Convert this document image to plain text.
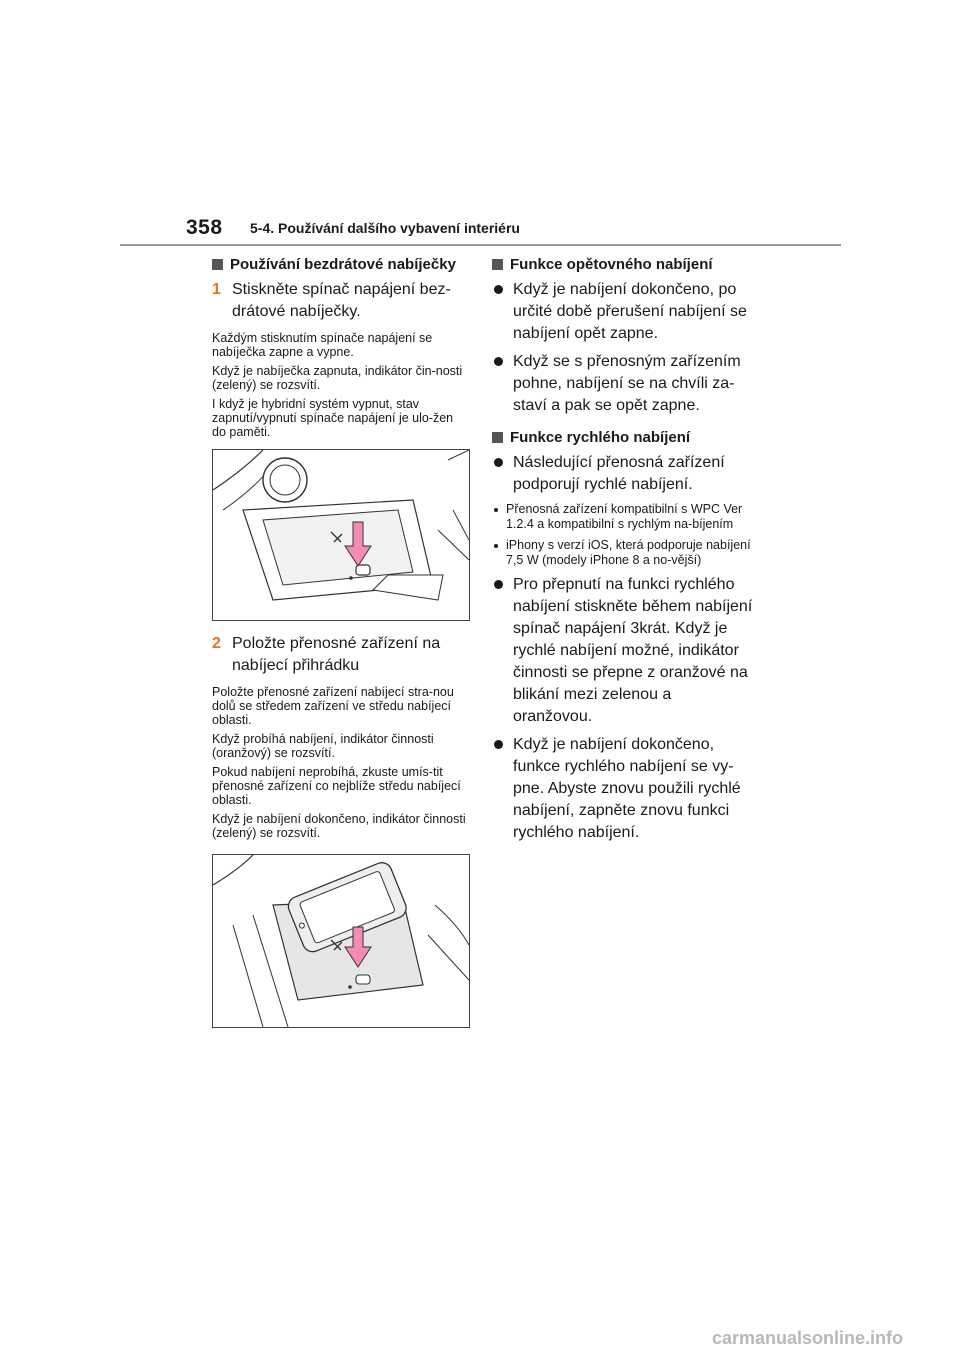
358 5-4. Používání dalšího vybavení interiéru
Používání bezdrátové nabíječky
1 Stiskněte spínač napájení bez-drátové nabíječky.

Každým stisknutím spínače napájení se nabíječka zapne a vypne.

Když je nabíječka zapnuta, indikátor čin-nosti (zelený) se rozsvítí.

I když je hybridní systém vypnut, stav zapnutí/vypnutí spínače napájení je ulo-žen do paměti.

2 Položte přenosné zařízení na nabíjecí přihrádku

Položte přenosné zařízení nabíjecí stra-nou dolů se středem zařízení ve středu nabíjecí oblasti.

Když probíhá nabíjení, indikátor činnosti (oranžový) se rozsvítí.

Pokud nabíjení neprobíhá, zkuste umís-tit přenosné zařízení co nejblíže středu nabíjecí oblasti.

Když je nabíjení dokončeno, indikátor činnosti (zelený) se rozsvítí.

Funkce opětovného nabíjení
Když je nabíjení dokončeno, po určité době přerušení nabíjení se nabíjení opět zapne.
Když se s přenosným zařízením pohne, nabíjení se na chvíli za-staví a pak se opět zapne.
Funkce rychlého nabíjení
Následující přenosná zařízení podporují rychlé nabíjení.
Přenosná zařízení kompatibilní s WPC Ver 1.2.4 a kompatibilní s rychlým na-bíjením
iPhony s verzí iOS, která podporuje nabíjení 7,5 W (modely iPhone 8 a no-vější)
Pro přepnutí na funkci rychlého nabíjení stiskněte během nabíjení spínač napájení 3krát. Když je rychlé nabíjení možné, indikátor činnosti se přepne z oranžové na blikání mezi zelenou a oranžovou.
Když je nabíjení dokončeno, funkce rychlého nabíjení se vy-pne. Abyste znovu použili rychlé nabíjení, zapněte znovu funkci rychlého nabíjení.
carmanualsonline.info
